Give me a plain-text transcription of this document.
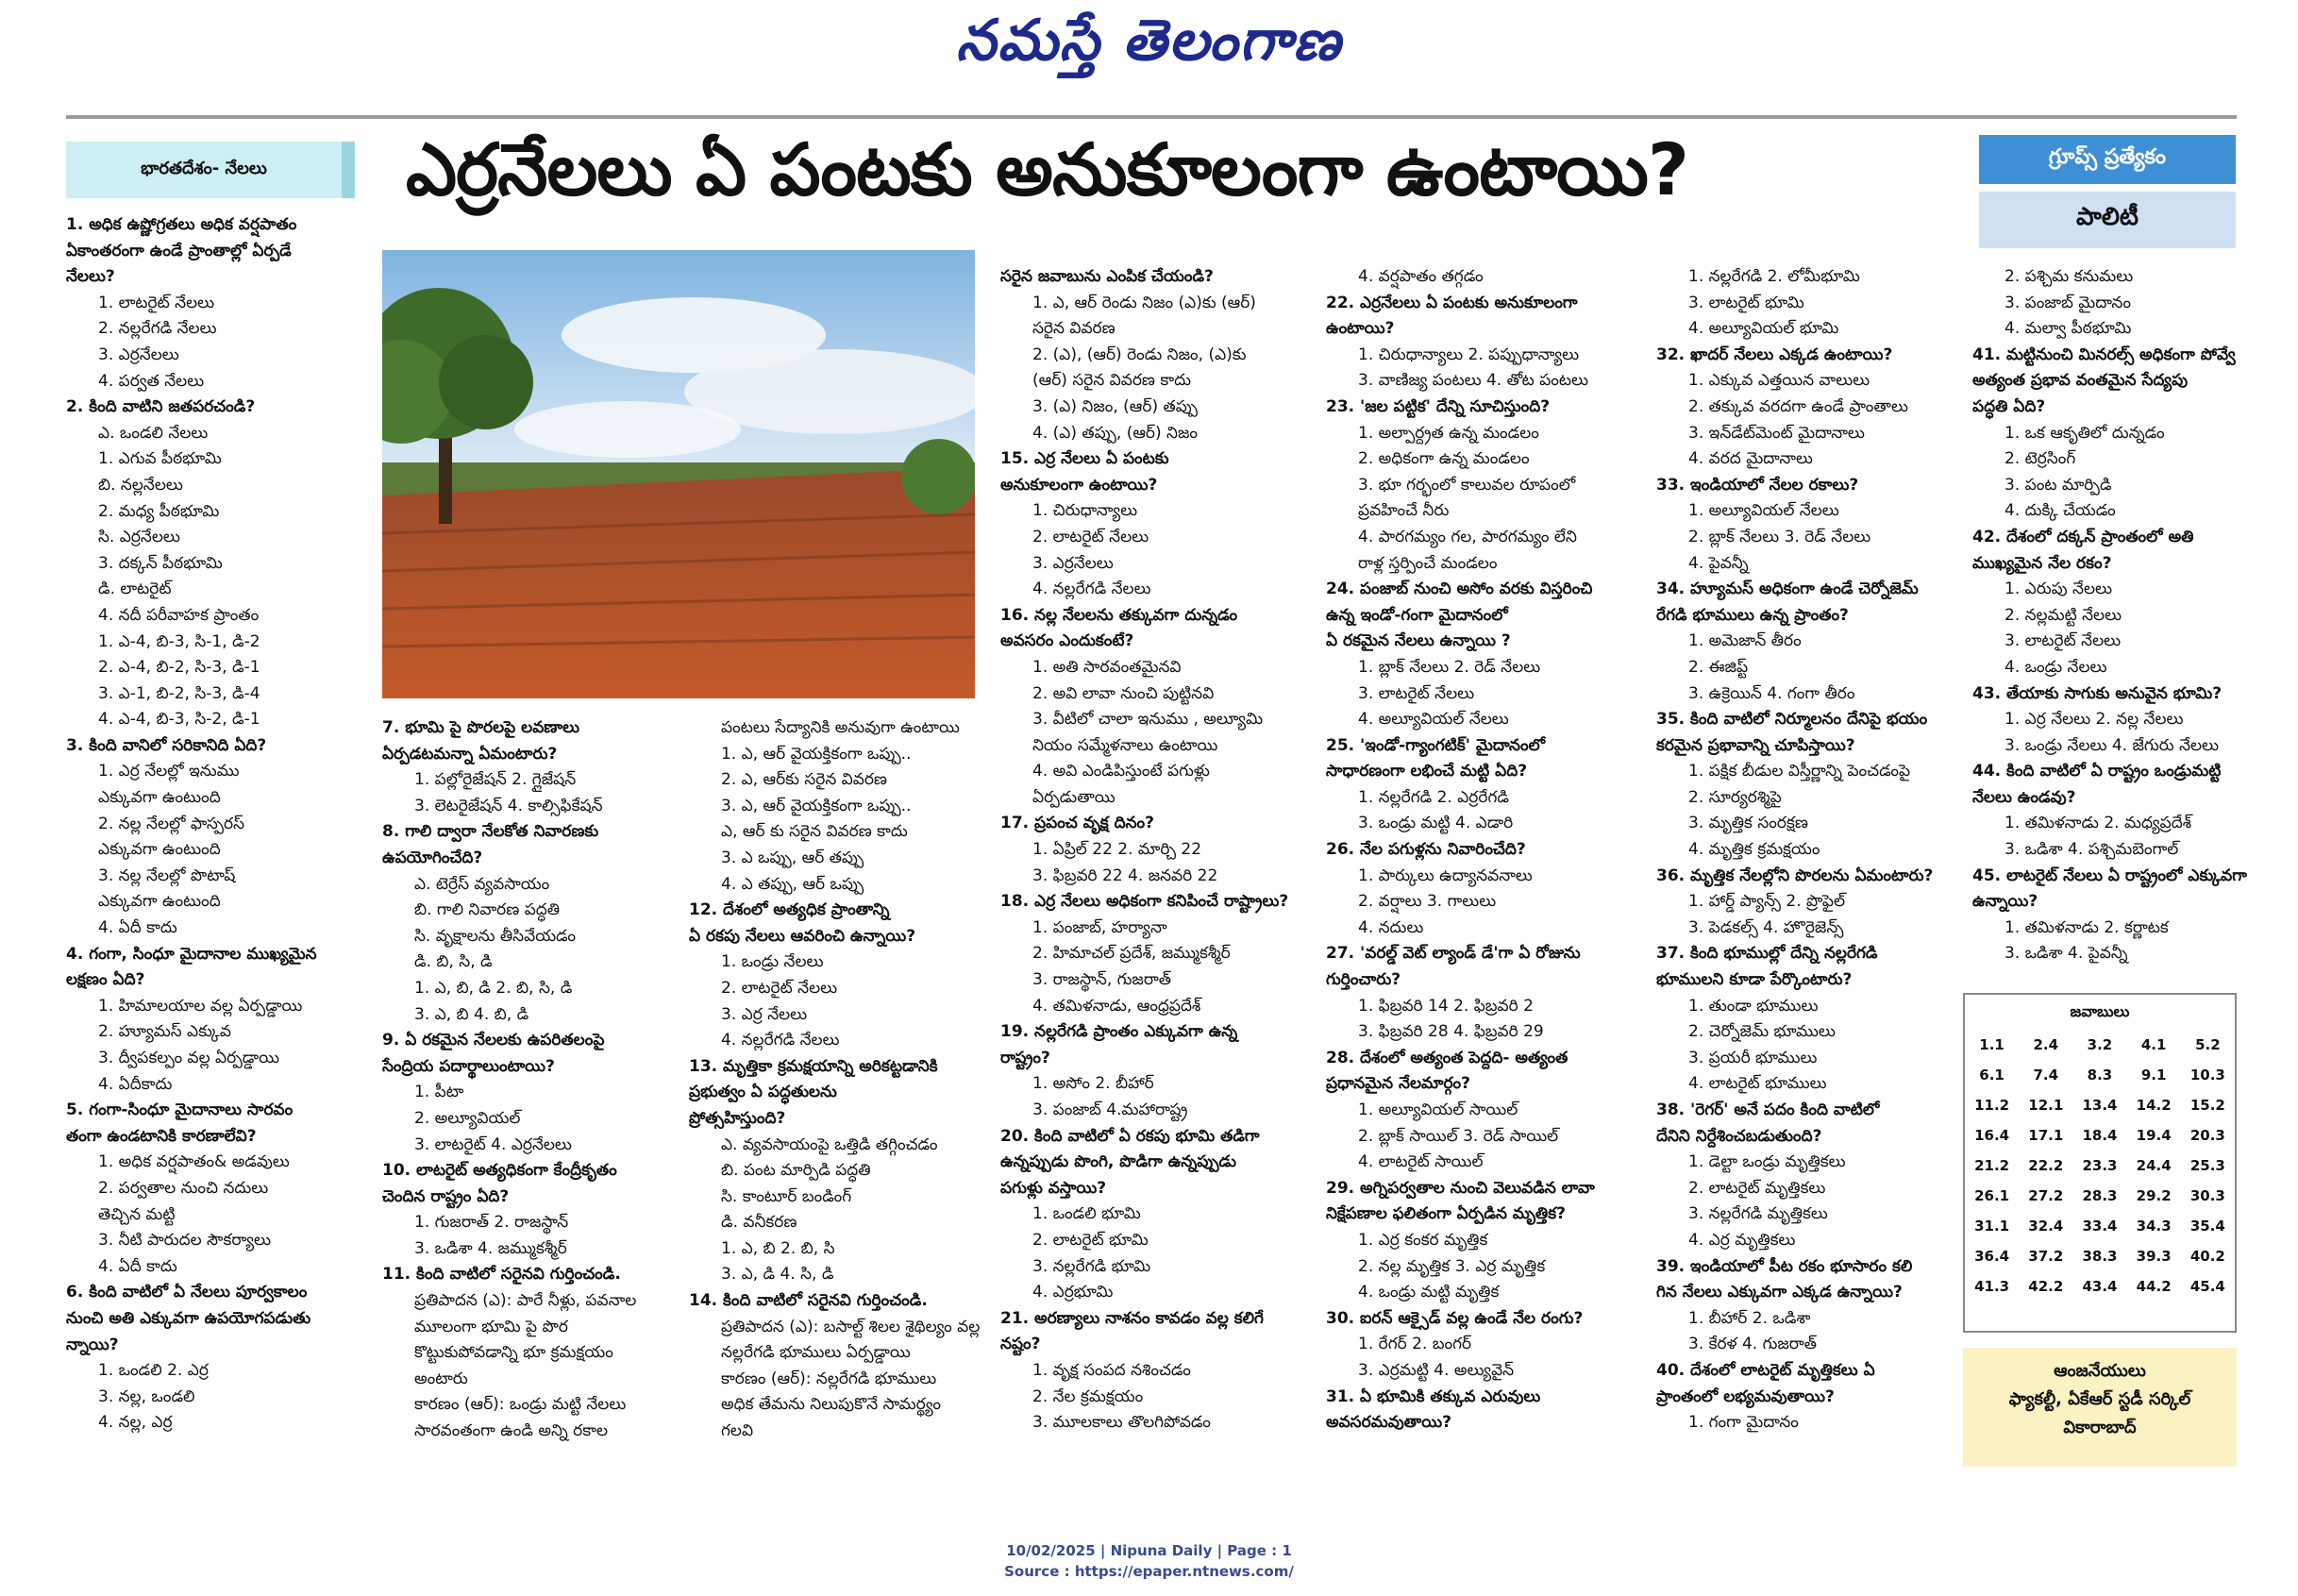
నమస్తే తెలంగాణ
భారతదేశం- నేలలు	ఎర్రనేలలు ఏ పంటకు అనుకూలంగా ఉంటాయి?	గ్రూప్స్ ప్రత్యేకం
పాలిటీ
1. అధిక ఉష్ణోగ్రతలు అధిక వర్షపాతం
ఏకాంతరంగా ఉండే ప్రాంతాల్లో ఏర్పడే
నేలలు?
1. లాటరైట్ నేలలు
2. నల్లరేగడి నేలలు
3. ఎర్రనేలలు
4. పర్వత నేలలు
2. కింది వాటిని జతపరచండి?
ఎ. ఒండలి నేలలు
1. ఎగువ పీఠభూమి
బి. నల్లనేలలు
2. మధ్య పీఠభూమి
సి. ఎర్రనేలలు
3. దక్కన్ పీఠభూమి
డి. లాటరైట్
4. నదీ పరీవాహక ప్రాంతం
1. ఎ-4, బి-3, సి-1, డి-2
2. ఎ-4, బి-2, సి-3, డి-1
3. ఎ-1, బి-2, సి-3, డి-4
4. ఎ-4, బి-3, సి-2, డి-1
3. కింది వానిలో సరికానిది ఏది?
1. ఎర్ర నేలల్లో ఇనుము
ఎక్కువగా ఉంటుంది
2. నల్ల నేలల్లో ఫాస్పరస్
ఎక్కువగా ఉంటుంది
3. నల్ల నేలల్లో పొటాష్
ఎక్కువగా ఉంటుంది
4. ఏదీ కాదు
4. గంగా, సింధూ మైదానాల ముఖ్యమైన
లక్షణం ఏది?
1. హిమాలయాల వల్ల ఏర్పడ్డాయి
2. హ్యూమస్ ఎక్కువ
3. ద్వీపకల్పం వల్ల ఏర్పడ్డాయి
4. ఏదీకాదు
5. గంగా-సింధూ మైదానాలు సారవం
తంగా ఉండటానికి కారణాలేవి?
1. అధిక వర్షపాతం& అడవులు
2. పర్వతాల నుంచి నదులు
తెచ్చిన మట్టి
3. నీటి పారుదల సౌకర్యాలు
4. ఏదీ కాదు
6. కింది వాటిలో ఏ నేలలు పూర్వకాలం
నుంచి అతి ఎక్కువగా ఉపయోగపడుతు
న్నాయి?
1. ఒండలి 2. ఎర్ర
3. నల్ల, ఒండలి
4. నల్ల, ఎర్ర
7. భూమి పై పొరలపై లవణాలు
ఏర్పడటమన్నా ఏమంటారు?
1. పల్లోరైజేషన్ 2. గ్లైజేషన్
3. లెటరైజేషన్ 4. కాల్సిఫికేషన్
8. గాలి ద్వారా నేలకోత నివారణకు
ఉపయోగించేది?
ఎ. టెర్రేస్ వ్యవసాయం
బి. గాలి నివారణ పద్ధతి
సి. వృక్షాలను తీసివేయడం
డి. బి, సి, డి
1. ఎ, బి, డి 2. బి, సి, డి
3. ఎ, బి 4. బి, డి
9. ఏ రకమైన నేలలకు ఉపరితలంపై
సేంద్రియ పదార్థాలుంటాయి?
1. పీటా
2. అల్యూవియల్
3. లాటరైట్ 4. ఎర్రనేలలు
10. లాటరైట్ అత్యధికంగా కేంద్రీకృతం
చెందిన రాష్ట్రం ఏది?
1. గుజరాత్ 2. రాజస్థాన్
3. ఒడిశా 4. జమ్ముకశ్మీర్
11. కింది వాటిలో సరైనవి గుర్తించండి.
ప్రతిపాదన (ఎ): పారే నీళ్లు, పవనాల
మూలంగా భూమి పై పొర
కొట్టుకుపోవడాన్ని భూ క్రమక్షయం
అంటారు
కారణం (ఆర్): ఒండ్రు మట్టి నేలలు
సారవంతంగా ఉండి అన్ని రకాల
పంటలు సేద్యానికి అనువుగా ఉంటాయి
1. ఎ, ఆర్ వైయక్తికంగా ఒప్పు..
2. ఎ, ఆర్‌కు సరైన వివరణ
3. ఎ, ఆర్ వైయక్తికంగా ఒప్పు..
ఎ, ఆర్ కు సరైన వివరణ కాదు
3. ఎ ఒప్పు, ఆర్ తప్పు
4. ఎ తప్పు, ఆర్ ఒప్పు
12. దేశంలో అత్యధిక ప్రాంతాన్ని
ఏ రకపు నేలలు ఆవరించి ఉన్నాయి?
1. ఒండ్రు నేలలు
2. లాటరైట్ నేలలు
3. ఎర్ర నేలలు
4. నల్లరేగడి నేలలు
13. మృత్తికా క్రమక్షయాన్ని అరికట్టడానికి
ప్రభుత్వం ఏ పద్ధతులను
ప్రోత్సహిస్తుంది?
ఎ. వ్యవసాయంపై ఒత్తిడి తగ్గించడం
బి. పంట మార్పిడి పద్ధతి
సి. కాంటూర్ బండింగ్
డి. వనీకరణ
1. ఎ, బి 2. బి, సి
3. ఎ, డి 4. సి, డి
14. కింది వాటిలో సరైనవి గుర్తించండి.
ప్రతిపాదన (ఎ): బసాల్ట్ శిలల శైథిల్యం వల్ల
నల్లరేగడి భూములు ఏర్పడ్డాయి
కారణం (ఆర్): నల్లరేగడి భూములు
అధిక తేమను నిలుపుకొనే సామర్థ్యం
గలవి
సరైన జవాబును ఎంపిక చేయండి?
1. ఎ, ఆర్ రెండు నిజం (ఎ)కు (ఆర్)
సరైన వివరణ
2. (ఎ), (ఆర్) రెండు నిజం, (ఎ)కు
(ఆర్) సరైన వివరణ కాదు
3. (ఎ) నిజం, (ఆర్) తప్పు
4. (ఎ) తప్పు, (ఆర్) నిజం
15. ఎర్ర నేలలు ఏ పంటకు
అనుకూలంగా ఉంటాయి?
1. చిరుధాన్యాలు
2. లాటరైట్ నేలలు
3. ఎర్రనేలలు
4. నల్లరేగడి నేలలు
16. నల్ల నేలలను తక్కువగా దున్నడం
అవసరం ఎందుకంటే?
1. అతి సారవంతమైనవి
2. అవి లావా నుంచి పుట్టినవి
3. వీటిలో చాలా ఇనుము , అల్యూమి
నియం సమ్మేళనాలు ఉంటాయి
4. అవి ఎండిపిస్తుంటే పగుళ్లు
ఏర్పడుతాయి
17. ప్రపంచ వృక్ష దినం?
1. ఏప్రిల్ 22 2. మార్చి 22
3. ఫిబ్రవరి 22 4. జనవరి 22
18. ఎర్ర నేలలు అధికంగా కనిపించే రాష్ట్రాలు?
1. పంజాబ్, హర్యానా
2. హిమాచల్ ప్రదేశ్, జమ్ముకశ్మీర్
3. రాజస్థాన్, గుజరాత్
4. తమిళనాడు, ఆంధ్రప్రదేశ్
19. నల్లరేగడి ప్రాంతం ఎక్కువగా ఉన్న
రాష్ట్రం?
1. అసోం 2. బీహార్
3. పంజాబ్ 4.మహారాష్ట్ర
20. కింది వాటిలో ఏ రకపు భూమి తడిగా
ఉన్నప్పుడు పొంగి, పొడిగా ఉన్నప్పుడు
పగుళ్లు వస్తాయి?
1. ఒండలి భూమి
2. లాటరైట్ భూమి
3. నల్లరేగడి భూమి
4. ఎర్రభూమి
21. అరణ్యాలు నాశనం కావడం వల్ల కలిగే
నష్టం?
1. వృక్ష సంపద నశించడం
2. నేల క్రమక్షయం
3. మూలకాలు తొలగిపోవడం
4. వర్షపాతం తగ్గడం
22. ఎర్రనేలలు ఏ పంటకు అనుకూలంగా
ఉంటాయి?
1. చిరుధాన్యాలు 2. పప్పుధాన్యాలు
3. వాణిజ్య పంటలు 4. తోట పంటలు
23. 'జల పట్టిక' దేన్ని సూచిస్తుంది?
1. అల్పార్ద్రత ఉన్న మండలం
2. అధికంగా ఉన్న మండలం
3. భూ గర్భంలో కాలువల రూపంలో
ప్రవహించే నీరు
4. పారగమ్యం గల, పారగమ్యం లేని
రాళ్ల స్తర్పించే మండలం
24. పంజాబ్ నుంచి అసోం వరకు విస్తరించి
ఉన్న ఇండో-గంగా మైదానంలో
ఏ రకమైన నేలలు ఉన్నాయి ?
1. బ్లాక్ నేలలు 2. రెడ్ నేలలు
3. లాటరైట్ నేలలు
4. అల్యూవియల్ నేలలు
25. 'ఇండో-గ్యాంగటిక్' మైదానంలో
సాధారణంగా లభించే మట్టి ఏది?
1. నల్లరేగడి 2. ఎర్రరేగడి
3. ఒండ్రు మట్టి 4. ఎడారి
26. నేల పగుళ్లను నివారించేది?
1. పార్కులు ఉద్యానవనాలు
2. వర్షాలు 3. గాలులు
4. నదులు
27. 'వరల్డ్ వెట్ ల్యాండ్ డే'గా ఏ రోజును
గుర్తించారు?
1. ఫిబ్రవరి 14 2. ఫిబ్రవరి 2
3. ఫిబ్రవరి 28 4. ఫిబ్రవరి 29
28. దేశంలో అత్యంత పెద్దది- అత్యంత
ప్రధానమైన నేలమార్గం?
1. అల్యూవియల్ సాయిల్
2. బ్లాక్ సాయిల్ 3. రెడ్ సాయిల్
4. లాటరైట్ సాయిల్
29. అగ్నిపర్వతాల నుంచి వెలువడిన లావా
నిక్షేపణాల ఫలితంగా ఏర్పడిన మృత్తిక?
1. ఎర్ర కంకర మృత్తిక
2. నల్ల మృత్తిక 3. ఎర్ర మృత్తిక
4. ఒండ్రు మట్టి మృత్తిక
30. ఐరన్ ఆక్సైడ్ వల్ల ఉండే నేల రంగు?
1. రేగర్ 2. బంగర్
3. ఎర్రమట్టి 4. అల్యువైన్
31. ఏ భూమికి తక్కువ ఎరువులు
అవసరమవుతాయి?
1. నల్లరేగడి 2. లోమీభూమి
3. లాటరైట్ భూమి
4. అల్యూవియల్ భూమి
32. ఖాదర్ నేలలు ఎక్కడ ఉంటాయి?
1. ఎక్కువ ఎత్తయిన వాలులు
2. తక్కువ వరదగా ఉండే ప్రాంతాలు
3. ఇన్‌డేట్‌మెంట్ మైదానాలు
4. వరద మైదానాలు
33. ఇండియాలో నేలల రకాలు?
1. అల్యూవియల్ నేలలు
2. బ్లాక్ నేలలు 3. రెడ్ నేలలు
4. పైవన్నీ
34. హ్యూమస్ అధికంగా ఉండే చెర్నోజెమ్
రేగడి భూములు ఉన్న ప్రాంతం?
1. అమెజాన్ తీరం
2. ఈజిప్ట్
3. ఉక్రెయిన్ 4. గంగా తీరం
35. కింది వాటిలో నిర్మూలనం దేనిపై భయం
కరమైన ప్రభావాన్ని చూపిస్తాయి?
1. పక్షిక బీడుల విస్తీర్ణాన్ని పెంచడంపై
2. సూర్యరశ్మిపై
3. మృత్తిక సంరక్షణ
4. మృత్తిక క్రమక్షయం
36. మృత్తిక నేలల్లోని పొరలను ఏమంటారు?
1. హార్డ్ ప్యాన్స్ 2. ప్రొఫైల్
3. పెడకల్స్ 4. హొరైజెన్స్
37. కింది భూముల్లో దేన్ని నల్లరేగడి
భూములని కూడా పేర్కొంటారు?
1. తుండా భూములు
2. చెర్నోజెమ్ భూములు
3. ప్రయరీ భూములు
4. లాటరైట్ భూములు
38. 'రెగర్' అనే పదం కింది వాటిలో
దేనిని నిర్దేశించబడుతుంది?
1. డెల్టా ఒండ్రు మృత్తికలు
2. లాటరైట్ మృత్తికలు
3. నల్లరేగడి మృత్తికలు
4. ఎర్ర మృత్తికలు
39. ఇండియాలో పీట రకం భూసారం కలి
గిన నేలలు ఎక్కువగా ఎక్కడ ఉన్నాయి?
1. బీహార్ 2. ఒడిశా
3. కేరళ 4. గుజరాత్
40. దేశంలో లాటరైట్ మృత్తికలు ఏ
ప్రాంతంలో లభ్యమవుతాయి?
1. గంగా మైదానం
2. పశ్చిమ కనుమలు
3. పంజాబ్ మైదానం
4. మల్వా పీఠభూమి
41. మట్టినుంచి మినరల్స్ అధికంగా పోవ్వే
అత్యంత ప్రభావ వంతమైన సేద్యపు
పద్ధతి ఏది?
1. ఒక ఆకృతిలో దున్నడం
2. టెర్రసింగ్
3. పంట మార్పిడి
4. దుక్కి చేయడం
42. దేశంలో దక్కన్ ప్రాంతంలో అతి
ముఖ్యమైన నేల రకం?
1. ఎరుపు నేలలు
2. నల్లమట్టి నేలలు
3. లాటరైట్ నేలలు
4. ఒండ్రు నేలలు
43. తేయాకు సాగుకు అనువైన భూమి?
1. ఎర్ర నేలలు 2. నల్ల నేలలు
3. ఒండ్రు నేలలు 4. జేగురు నేలలు
44. కింది వాటిలో ఏ రాష్ట్రం ఒండ్రుమట్టి
నేలలు ఉండవు?
1. తమిళనాడు 2. మధ్యప్రదేశ్
3. ఒడిశా 4. పశ్చిమబెంగాల్
45. లాటరైట్ నేలలు ఏ రాష్ట్రంలో ఎక్కువగా
ఉన్నాయి?
1. తమిళనాడు 2. కర్ణాటక
3. ఒడిశా 4. పైవన్నీ
జవాబులు
1.1	2.4	3.2	4.1	5.2
6.1	7.4	8.3	9.1	10.3
11.2	12.1	13.4	14.2	15.2
16.4	17.1	18.4	19.4	20.3
21.2	22.2	23.3	24.4	25.3
26.1	27.2	28.3	29.2	30.3
31.1	32.4	33.4	34.3	35.4
36.4	37.2	38.3	39.3	40.2
41.3	42.2	43.4	44.2	45.4
ఆంజనేయులు
ఫ్యాకల్టీ, ఏకేఆర్ స్టడీ సర్కిల్
వికారాబాద్
10/02/2025 | Nipuna Daily | Page : 1
Source : https://epaper.ntnews.com/
